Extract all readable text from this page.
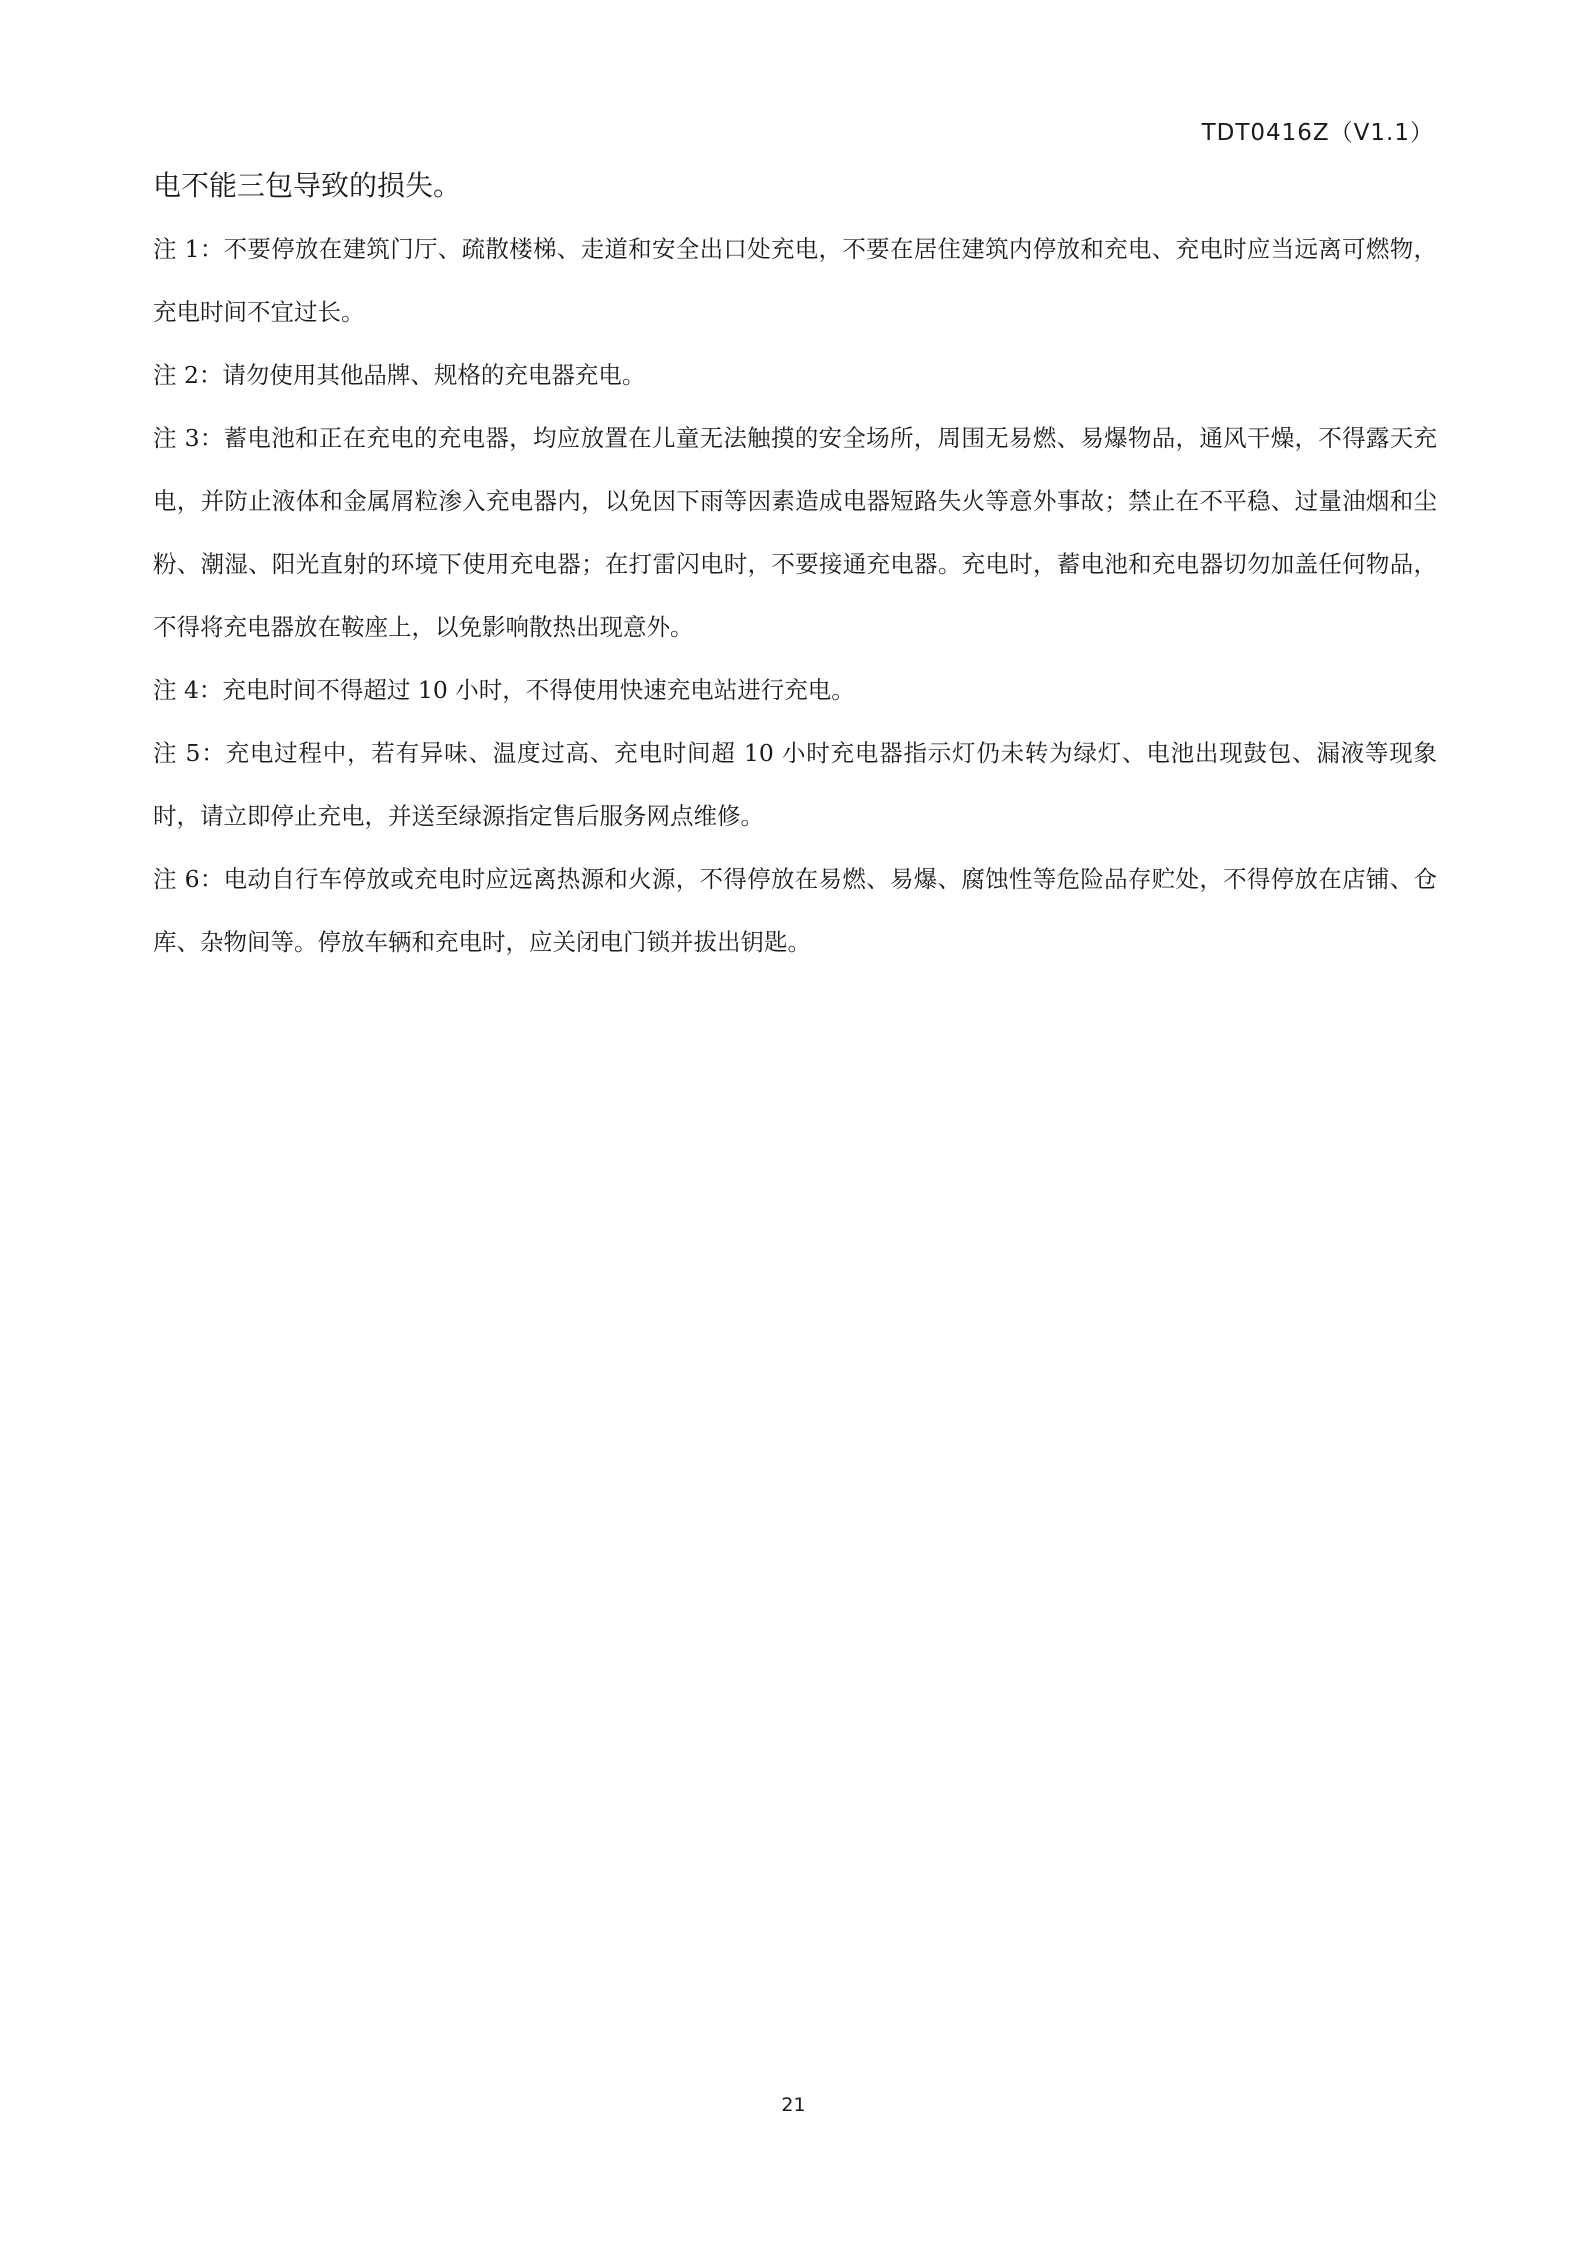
TDT0416Z（V1.1）

电不能三包导致的损失。

注 1：不要停放在建筑门厅、疏散楼梯、走道和安全出口处充电，不要在居住建筑内停放和充电、充电时应当远离可燃物，充电时间不宜过长。

注 2：请勿使用其他品牌、规格的充电器充电。

注 3：蓄电池和正在充电的充电器，均应放置在儿童无法触摸的安全场所，周围无易燃、易爆物品，通风干燥，不得露天充电，并防止液体和金属屑粒渗入充电器内，以免因下雨等因素造成电器短路失火等意外事故；禁止在不平稳、过量油烟和尘粉、潮湿、阳光直射的环境下使用充电器；在打雷闪电时，不要接通充电器。充电时，蓄电池和充电器切勿加盖任何物品，不得将充电器放在鞍座上，以免影响散热出现意外。

注 4：充电时间不得超过 10 小时，不得使用快速充电站进行充电。

注 5：充电过程中，若有异味、温度过高、充电时间超 10 小时充电器指示灯仍未转为绿灯、电池出现鼓包、漏液等现象时，请立即停止充电，并送至绿源指定售后服务网点维修。

注 6：电动自行车停放或充电时应远离热源和火源，不得停放在易燃、易爆、腐蚀性等危险品存贮处，不得停放在店铺、仓库、杂物间等。停放车辆和充电时，应关闭电门锁并拔出钥匙。

21
